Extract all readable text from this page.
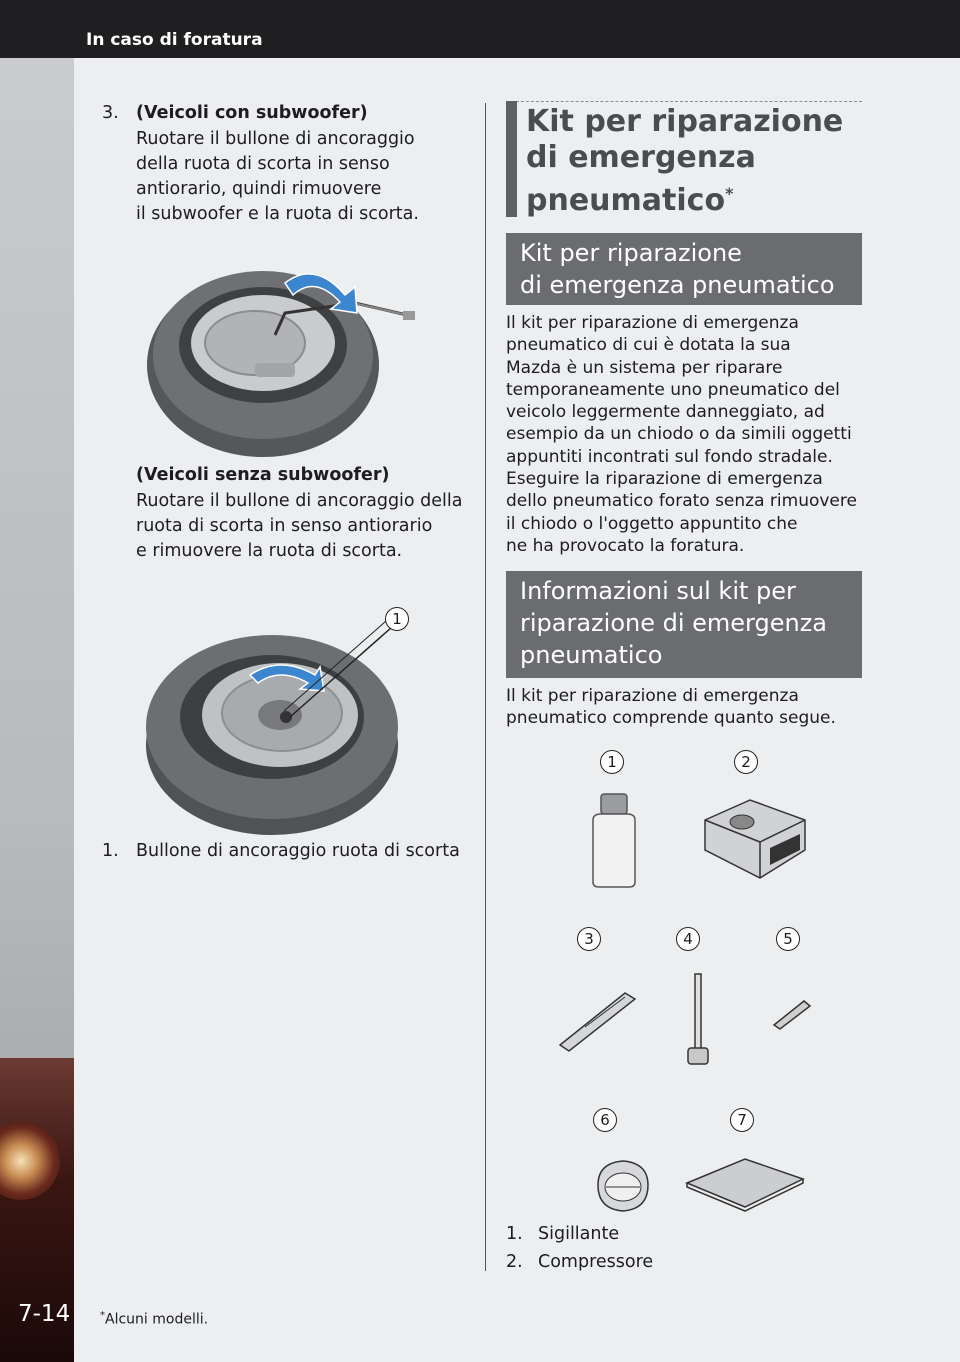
In caso di foratura
7-14
3. (Veicoli con subwoofer)
Ruotare il bullone di ancoraggio
della ruota di scorta in senso
antiorario, quindi rimuovere
il subwoofer e la ruota di scorta.
(Veicoli senza subwoofer)
Ruotare il bullone di ancoraggio della
ruota di scorta in senso antiorario
e rimuovere la ruota di scorta.
1
1. Bullone di ancoraggio ruota di scorta
Kit per riparazione
di emergenza
pneumatico*
Kit per riparazione
di emergenza pneumatico
Il kit per riparazione di emergenza
pneumatico di cui è dotata la sua
Mazda è un sistema per riparare
temporaneamente uno pneumatico del
veicolo leggermente danneggiato, ad
esempio da un chiodo o da simili oggetti
appuntiti incontrati sul fondo stradale.
Eseguire la riparazione di emergenza
dello pneumatico forato senza rimuovere
il chiodo o l'oggetto appuntito che
ne ha provocato la foratura.
Informazioni sul kit per
riparazione di emergenza
pneumatico
Il kit per riparazione di emergenza
pneumatico comprende quanto segue.
1	2
3	4	5
6	7
1. Sigillante
2. Compressore
*Alcuni modelli.
